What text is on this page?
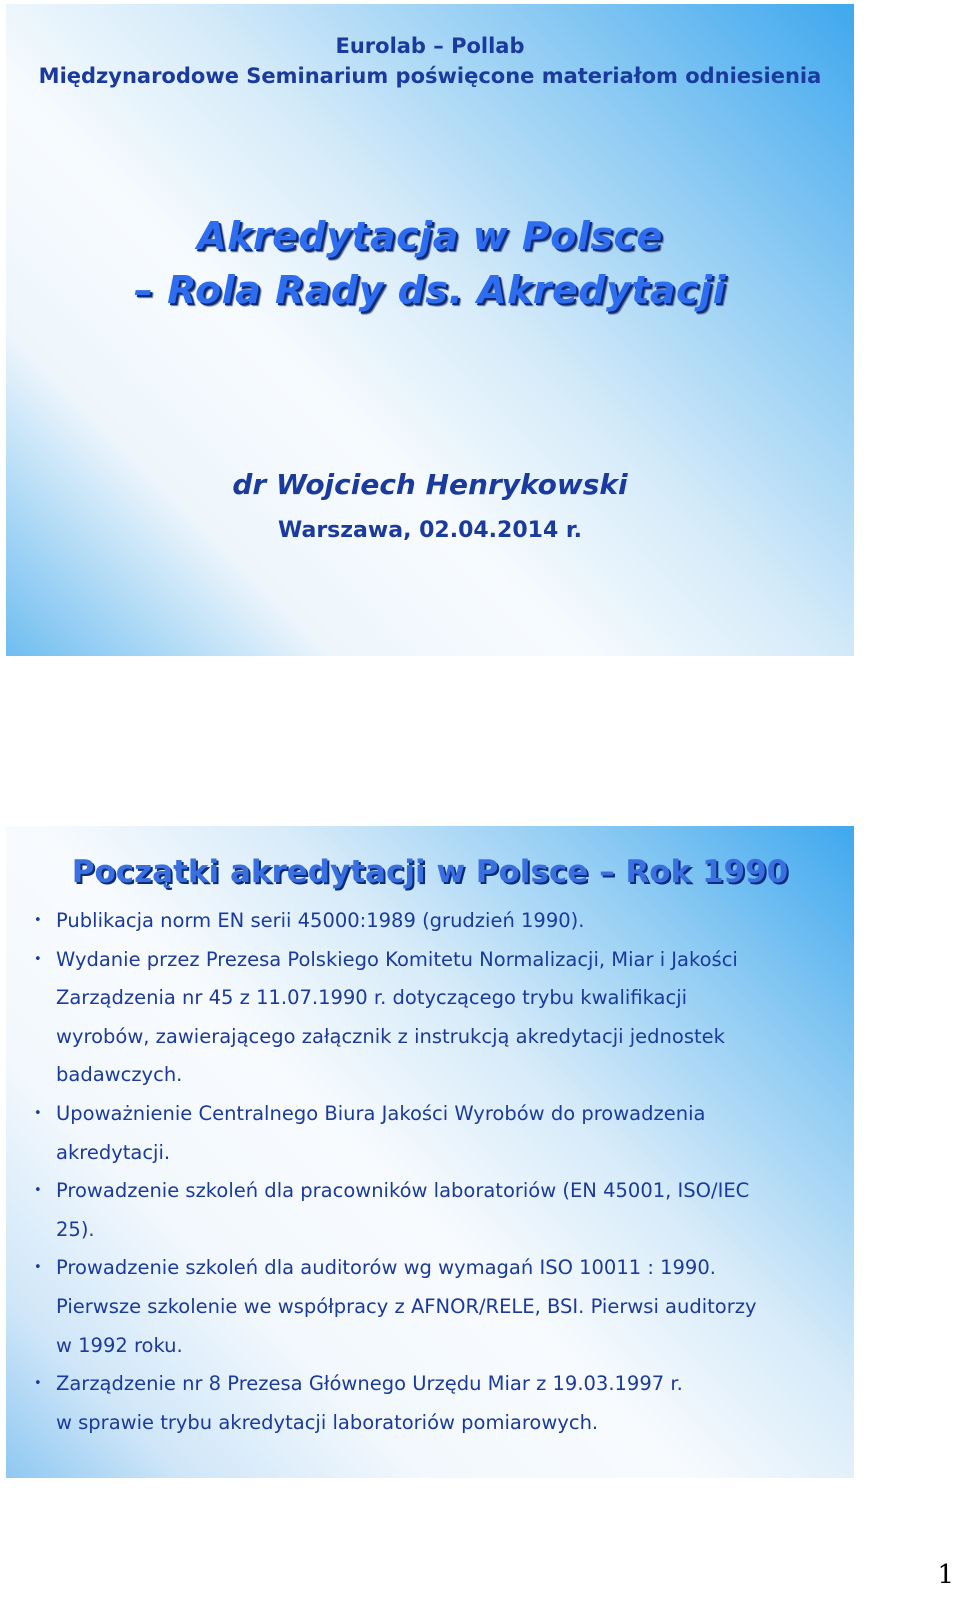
Eurolab – Pollab
Międzynarodowe Seminarium poświęcone materiałom odniesienia
Akredytacja w Polsce
– Rola Rady ds. Akredytacji
dr Wojciech Henrykowski
Warszawa, 02.04.2014 r.
Początki akredytacji w Polsce – Rok 1990
• Publikacja norm EN serii 45000:1989 (grudzień 1990).
• Wydanie przez Prezesa Polskiego Komitetu Normalizacji, Miar i Jakości
Zarządzenia nr 45 z 11.07.1990 r. dotyczącego trybu kwalifikacji
wyrobów, zawierającego załącznik z instrukcją akredytacji jednostek
badawczych.
• Upoważnienie Centralnego Biura Jakości Wyrobów do prowadzenia
akredytacji.
• Prowadzenie szkoleń dla pracowników laboratoriów (EN 45001, ISO/IEC
25).
• Prowadzenie szkoleń dla auditorów wg wymagań ISO 10011 : 1990.
Pierwsze szkolenie we współpracy z AFNOR/RELE, BSI. Pierwsi auditorzy
w 1992 roku.
• Zarządzenie nr 8 Prezesa Głównego Urzędu Miar z 19.03.1997 r.
w sprawie trybu akredytacji laboratoriów pomiarowych.
1
